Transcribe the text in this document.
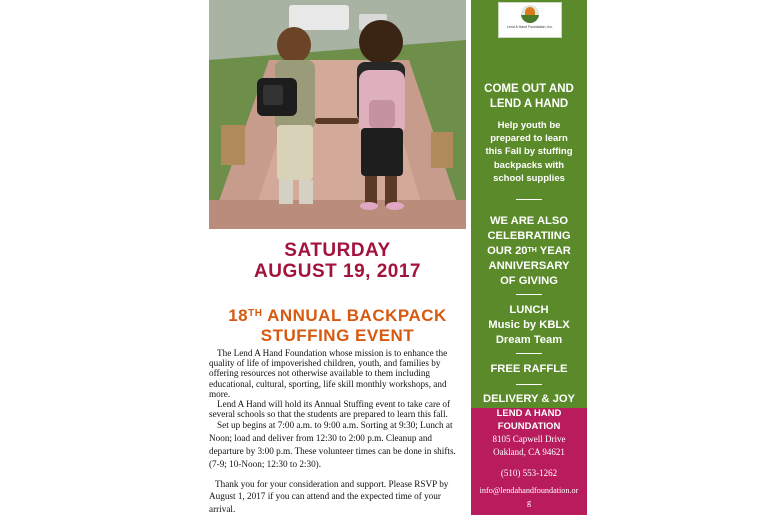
SATURDAY
AUGUST 19, 2017
18TH ANNUAL BACKPACK
STUFFING EVENT

The Lend A Hand Foundation whose mission is to enhance the quality of life of impoverished children, youth, and families by offering resources not otherwise available to them including educational, cultural, sporting, life skill monthly workshops, and more.

Lend A Hand will hold its Annual Stuffing event to take care of several schools so that the students are prepared to learn this fall.

Set up begins at 7:00 a.m. to 9:00 a.m. Sorting at 9:30; Lunch at Noon; load and deliver from 12:30 to 2:00 p.m. Cleanup and departure by 3:00 p.m. These volunteer times can be done in shifts. (7-9; 10-Noon; 12:30 to 2:30).
Thank you for your consideration and support. Please RSVP by August 1, 2017 if you can attend and the expected time of your arrival.
Lend A Hand Foundation, Inc.
COME OUT AND
LEND A HAND
Help youth be
prepared to learn
this Fall by stuffing
backpacks with
school supplies
WE ARE ALSO
CELEBRATIING
OUR 20TH YEAR
ANNIVERSARY
OF GIVING
LUNCH
Music by KBLX
Dream Team
FREE RAFFLE
DELIVERY & JOY
LEND A HAND
FOUNDATION
8105 Capwell Drive
Oakland, CA 94621
(510) 553-1262
info@lendahandfoundation.or
g
